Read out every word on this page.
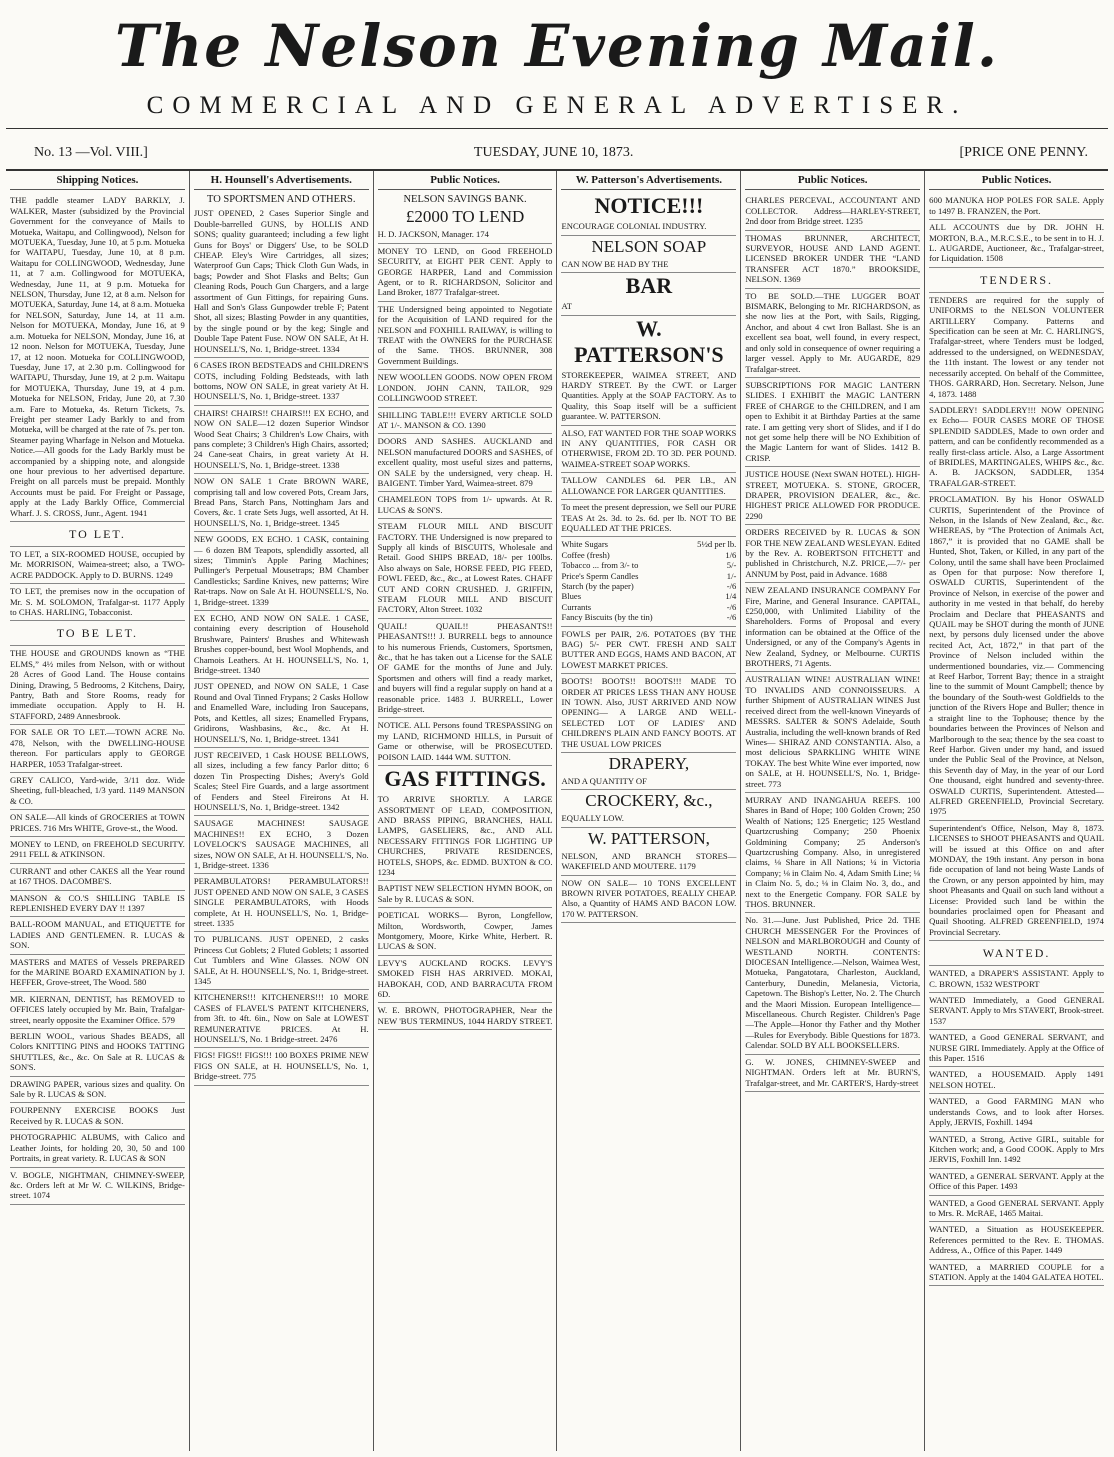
The Nelson Evening Mail.
COMMERCIAL AND GENERAL ADVERTISER.
No. 13 —Vol. VIII.]	TUESDAY, JUNE 10, 1873.	[PRICE ONE PENNY.
Shipping Notices.
THE paddle steamer LADY BARKLY, J. WALKER, Master (subsidized by the Provincial Government for the conveyance of Mails to Motueka, Waitapu, and Collingwood), Nelson for MOTUEKA, Tuesday, June 10, at 5 p.m. Motueka for WAITAPU, Tuesday, June 10, at 8 p.m. Waitapu for COLLINGWOOD, Wednesday, June 11, at 7 a.m. Collingwood for MOTUEKA, Wednesday, June 11, at 9 p.m. Motueka for NELSON, Thursday, June 12, at 8 a.m. Nelson for MOTUEKA, Saturday, June 14, at 8 a.m. Motueka for NELSON, Saturday, June 14, at 11 a.m. Nelson for MOTUEKA, Monday, June 16, at 9 a.m. Motueka for NELSON, Monday, June 16, at 12 noon. Nelson for MOTUEKA, Tuesday, June 17, at 12 noon. Motueka for COLLINGWOOD, Tuesday, June 17, at 2.30 p.m. Collingwood for WAITAPU, Thursday, June 19, at 2 p.m. Waitapu for MOTUEKA, Thursday, June 19, at 4 p.m. Motueka for NELSON, Friday, June 20, at 7.30 a.m. Fare to Motueka, 4s. Return Tickets, 7s. Freight per steamer Lady Barkly to and from Motueka, will be charged at the rate of 7s. per ton. Steamer paying Wharfage in Nelson and Motueka. Notice.—All goods for the Lady Barkly must be accompanied by a shipping note, and alongside one hour previous to her advertised departure. Freight on all parcels must be prepaid. Monthly Accounts must be paid. For Freight or Passage, apply at the Lady Barkly Office, Commercial Wharf. J. S. CROSS, Junr., Agent. 1941
TO LET.
TO LET, a SIX-ROOMED HOUSE, occupied by Mr. MORRISON, Waimea-street; also, a TWO-ACRE PADDOCK. Apply to D. BURNS. 1249
TO LET, the premises now in the occupation of Mr. S. M. SOLOMON, Trafalgar-st. 1177 Apply to CHAS. HARLING, Tobacconist.
TO BE LET.
THE HOUSE and GROUNDS known as “THE ELMS,” 4½ miles from Nelson, with or without 28 Acres of Good Land. The House contains Dining, Drawing, 5 Bedrooms, 2 Kitchens, Dairy, Pantry, Bath and Store Rooms, ready for immediate occupation. Apply to H. H. STAFFORD, 2489 Annesbrook.
FOR SALE OR TO LET.—TOWN ACRE No. 478, Nelson, with the DWELLING-HOUSE thereon. For particulars apply to GEORGE HARPER, 1053 Trafalgar-street.
GREY CALICO, Yard-wide, 3/11 doz. Wide Sheeting, full-bleached, 1/3 yard. 1149 MANSON & CO.
ON SALE—All kinds of GROCERIES at TOWN PRICES. 716 Mrs WHITE, Grove-st., the Wood.
MONEY to LEND, on FREEHOLD SECURITY. 2911 FELL & ATKINSON.
CURRANT and other CAKES all the Year round at 167 THOS. DACOMBE'S.
MANSON & CO.'S SHILLING TABLE IS REPLENISHED EVERY DAY !! 1397
BALL-ROOM MANUAL, and ETIQUETTE for LADIES AND GENTLEMEN. R. LUCAS & SON.
MASTERS and MATES of Vessels PREPARED for the MARINE BOARD EXAMINATION by J. HEFFER, Grove-street, The Wood. 580
MR. KIERNAN, DENTIST, has REMOVED to OFFICES lately occupied by Mr. Bain, Trafalgar-street, nearly opposite the Examiner Office. 579
BERLIN WOOL, various Shades BEADS, all Colors KNITTING PINS and HOOKS TATTING SHUTTLES, &c., &c. On Sale at R. LUCAS & SON'S.
DRAWING PAPER, various sizes and quality. On Sale by R. LUCAS & SON.
FOURPENNY EXERCISE BOOKS Just Received by R. LUCAS & SON.
PHOTOGRAPHIC ALBUMS, with Calico and Leather Joints, for holding 20, 30, 50 and 100 Portraits, in great variety. R. LUCAS & SON
V. BOGLE, NIGHTMAN, CHIMNEY-SWEEP, &c. Orders left at Mr W. C. WILKINS, Bridge-street. 1074
H. Hounsell's Advertisements.
TO SPORTSMEN AND OTHERS.
JUST OPENED, 2 Cases Superior Single and Double-barrelled GUNS, by HOLLIS AND SONS; quality guaranteed; including a few light Guns for Boys' or Diggers' Use, to be SOLD CHEAP. Eley's Wire Cartridges, all sizes; Waterproof Gun Caps; Thick Cloth Gun Wads, in bags; Powder and Shot Flasks and Belts; Gun Cleaning Rods, Pouch Gun Chargers, and a large assortment of Gun Fittings, for repairing Guns. Hall and Son's Glass Gunpowder treble F; Patent Shot, all sizes; Blasting Powder in any quantities, by the single pound or by the keg; Single and Double Tape Patent Fuse. NOW ON SALE, At H. HOUNSELL'S, No. 1, Bridge-street. 1334
6 CASES IRON BEDSTEADS and CHILDREN'S COTS, including Folding Bedsteads, with lath bottoms, NOW ON SALE, in great variety At H. HOUNSELL'S, No. 1, Bridge-street. 1337
CHAIRS! CHAIRS!! CHAIRS!!! EX ECHO, and NOW ON SALE—12 dozen Superior Windsor Wood Seat Chairs; 3 Children's Low Chairs, with pans complete; 3 Children's High Chairs, assorted; 24 Cane-seat Chairs, in great variety At H. HOUNSELL'S, No. 1, Bridge-street. 1338
NOW ON SALE 1 Crate BROWN WARE, comprising tall and low covered Pots, Cream Jars, Bread Pans, Starch Pans, Nottingham Jars and Covers, &c. 1 crate Sets Jugs, well assorted, At H. HOUNSELL'S, No. 1, Bridge-street. 1345
NEW GOODS, EX ECHO. 1 CASK, containing— 6 dozen BM Teapots, splendidly assorted, all sizes; Timmin's Apple Paring Machines; Pullinger's Perpetual Mousetraps; BM Chamber Candlesticks; Sardine Knives, new patterns; Wire Rat-traps. Now on Sale At H. HOUNSELL'S, No. 1, Bridge-street. 1339
EX ECHO, AND NOW ON SALE. 1 CASE, containing every description of Household Brushware, Painters' Brushes and Whitewash Brushes copper-bound, best Wool Mophends, and Chamois Leathers. At H. HOUNSELL'S, No. 1, Bridge-street. 1340
JUST OPENED, and NOW ON SALE, 1 Case Round and Oval Tinned Frypans; 2 Casks Hollow and Enamelled Ware, including Iron Saucepans, Pots, and Kettles, all sizes; Enamelled Frypans, Gridirons, Washbasins, &c., &c. At H. HOUNSELL'S, No. 1, Bridge-street. 1341
JUST RECEIVED, 1 Cask HOUSE BELLOWS, all sizes, including a few fancy Parlor ditto; 6 dozen Tin Prospecting Dishes; Avery's Gold Scales; Steel Fire Guards, and a large assortment of Fenders and Steel Fireirons At H. HOUNSELL'S, No. 1, Bridge-street. 1342
SAUSAGE MACHINES! SAUSAGE MACHINES!! EX ECHO, 3 Dozen LOVELOCK'S SAUSAGE MACHINES, all sizes, NOW ON SALE, At H. HOUNSELL'S, No. 1, Bridge-street. 1336
PERAMBULATORS! PERAMBULATORS!! JUST OPENED AND NOW ON SALE, 3 CASES SINGLE PERAMBULATORS, with Hoods complete, At H. HOUNSELL'S, No. 1, Bridge-street. 1335
TO PUBLICANS. JUST OPENED, 2 casks Princess Cut Goblets; 2 Fluted Goblets; 1 assorted Cut Tumblers and Wine Glasses. NOW ON SALE, At H. HOUNSELL'S, No. 1, Bridge-street. 1345
KITCHENERS!!! KITCHENERS!!! 10 MORE CASES of FLAVEL'S PATENT KITCHENERS, from 3ft. to 4ft. 6in., Now on Sale at LOWEST REMUNERATIVE PRICES. At H. HOUNSELL'S, No. 1 Bridge-street. 2476
FIGS! FIGS!! FIGS!!! 100 BOXES PRIME NEW FIGS ON SALE, at H. HOUNSELL'S, No. 1, Bridge-street. 775
Public Notices.
NELSON SAVINGS BANK.
£2000 TO LEND
H. D. JACKSON, Manager. 174
MONEY TO LEND, on Good FREEHOLD SECURITY, at EIGHT PER CENT. Apply to GEORGE HARPER, Land and Commission Agent, or to R. RICHARDSON, Solicitor and Land Broker, 1877 Trafalgar-street.
THE Undersigned being appointed to Negotiate for the Acquisition of LAND required for the NELSON and FOXHILL RAILWAY, is willing to TREAT with the OWNERS for the PURCHASE of the Same. THOS. BRUNNER, 308 Government Buildings.
NEW WOOLLEN GOODS. NOW OPEN FROM LONDON. JOHN CANN, TAILOR, 929 COLLINGWOOD STREET.
SHILLING TABLE!!! EVERY ARTICLE SOLD AT 1/-. MANSON & CO. 1390
DOORS AND SASHES. AUCKLAND and NELSON manufactured DOORS and SASHES, of excellent quality, most useful sizes and patterns, ON SALE by the undersigned, very cheap. H. BAIGENT. Timber Yard, Waimea-street. 879
CHAMELEON TOPS from 1/- upwards. At R. LUCAS & SON'S.
STEAM FLOUR MILL AND BISCUIT FACTORY. THE Undersigned is now prepared to Supply all kinds of BISCUITS, Wholesale and Retail. Good SHIPS BREAD, 18/- per 100lbs. Also always on Sale, HORSE FEED, PIG FEED, FOWL FEED, &c., &c., at Lowest Rates. CHAFF CUT AND CORN CRUSHED. J. GRIFFIN, STEAM FLOUR MILL AND BISCUIT FACTORY, Alton Street. 1032
QUAIL! QUAIL!! PHEASANTS!! PHEASANTS!!! J. BURRELL begs to announce to his numerous Friends, Customers, Sportsmen, &c., that he has taken out a License for the SALE OF GAME for the months of June and July. Sportsmen and others will find a ready market, and buyers will find a regular supply on hand at a reasonable price. 1483 J. BURRELL, Lower Bridge-street.
NOTICE. ALL Persons found TRESPASSING on my LAND, RICHMOND HILLS, in Pursuit of Game or otherwise, will be PROSECUTED. POISON LAID. 1444 WM. SUTTON.
GAS FITTINGS.
TO ARRIVE SHORTLY. A LARGE ASSORTMENT OF LEAD, COMPOSITION, AND BRASS PIPING, BRANCHES, HALL LAMPS, GASELIERS, &c., AND ALL NECESSARY FITTINGS FOR LIGHTING UP CHURCHES, PRIVATE RESIDENCES, HOTELS, SHOPS, &c. EDMD. BUXTON & CO. 1234
BAPTIST NEW SELECTION HYMN BOOK, on Sale by R. LUCAS & SON.
POETICAL WORKS— Byron, Longfellow, Milton, Wordsworth, Cowper, James Montgomery, Moore, Kirke White, Herbert. R. LUCAS & SON.
LEVY'S AUCKLAND ROCKS. LEVY'S SMOKED FISH HAS ARRIVED. MOKAI, HABOKAH, COD, AND BARRACUTA FROM 6D.
W. E. BROWN, PHOTOGRAPHER, Near the NEW 'BUS TERMINUS, 1044 HARDY STREET.
W. Patterson's Advertisements.
NOTICE!!!
ENCOURAGE COLONIAL INDUSTRY.
NELSON SOAP
CAN NOW BE HAD BY THE
BAR
AT
W. PATTERSON'S
STOREKEEPER, WAIMEA STREET, AND HARDY STREET. By the CWT. or Larger Quantities. Apply at the SOAP FACTORY. As to Quality, this Soap itself will be a sufficient guarantee. W. PATTERSON.
ALSO, FAT WANTED FOR THE SOAP WORKS IN ANY QUANTITIES, FOR CASH OR OTHERWISE, FROM 2D. TO 3D. PER POUND. WAIMEA-STREET SOAP WORKS.
TALLOW CANDLES 6d. PER LB., AN ALLOWANCE FOR LARGER QUANTITIES.
To meet the present depression, we Sell our PURE TEAS At 2s. 3d. to 2s. 6d. per lb. NOT TO BE EQUALLED AT THE PRICES.
White Sugars	5½d per lb.
Coffee (fresh)	1/6
Tobacco ... from 3/- to	5/-
Price's Sperm Candles	1/-
Starch (by the paper)	-/6
Blues	1/4
Currants	-/6
Fancy Biscuits (by the tin)	-/6
FOWLS per PAIR, 2/6. POTATOES (BY THE BAG) 5/- PER CWT. FRESH AND SALT BUTTER AND EGGS, HAMS AND BACON, AT LOWEST MARKET PRICES.
BOOTS! BOOTS!! BOOTS!!! MADE TO ORDER AT PRICES LESS THAN ANY HOUSE IN TOWN. Also, JUST ARRIVED AND NOW OPENING— A LARGE AND WELL-SELECTED LOT OF LADIES' AND CHILDREN'S PLAIN AND FANCY BOOTS. AT THE USUAL LOW PRICES
DRAPERY,
AND A QUANTITY OF
CROCKERY, &c.,
EQUALLY LOW.
W. PATTERSON,
NELSON, AND BRANCH STORES— WAKEFIELD AND MOUTERE. 1179
NOW ON SALE— 10 TONS EXCELLENT BROWN RIVER POTATOES, REALLY CHEAP. Also, a Quantity of HAMS AND BACON LOW. 170 W. PATTERSON.
Public Notices.
CHARLES PERCEVAL, ACCOUNTANT AND COLLECTOR. Address—HARLEY-STREET, 2nd door from Bridge street. 1235
THOMAS BRUNNER, ARCHITECT, SURVEYOR, HOUSE AND LAND AGENT. LICENSED BROKER UNDER THE “LAND TRANSFER ACT 1870.” BROOKSIDE, NELSON. 1369
TO BE SOLD.—THE LUGGER BOAT BISMARK, Belonging to Mr. RICHARDSON, as she now lies at the Port, with Sails, Rigging, Anchor, and about 4 cwt Iron Ballast. She is an excellent sea boat, well found, in every respect, and only sold in consequence of owner requiring a larger vessel. Apply to Mr. AUGARDE, 829 Trafalgar-street.
SUBSCRIPTIONS FOR MAGIC LANTERN SLIDES. I EXHIBIT the MAGIC LANTERN FREE of CHARGE to the CHILDREN, and I am open to Exhibit it at Birthday Parties at the same rate. I am getting very short of Slides, and if I do not get some help there will be NO Exhibition of the Magic Lantern for want of Slides. 1412 B. CRISP.
JUSTICE HOUSE (Next SWAN HOTEL). HIGH-STREET, MOTUEKA. S. STONE, GROCER, DRAPER, PROVISION DEALER, &c., &c. HIGHEST PRICE ALLOWED FOR PRODUCE. 2290
ORDERS RECEIVED by R. LUCAS & SON FOR THE NEW ZEALAND WESLEYAN. Edited by the Rev. A. ROBERTSON FITCHETT and published in Christchurch, N.Z. PRICE,—7/- per ANNUM by Post, paid in Advance. 1688
NEW ZEALAND INSURANCE COMPANY For Fire, Marine, and General Insurance. CAPITAL, £250,000, with Unlimited Liability of the Shareholders. Forms of Proposal and every information can be obtained at the Office of the Undersigned, or any of the Company's Agents in New Zealand, Sydney, or Melbourne. CURTIS BROTHERS, 71 Agents.
AUSTRALIAN WINE! AUSTRALIAN WINE! TO INVALIDS AND CONNOISSEURS. A further Shipment of AUSTRALIAN WINES Just received direct from the well-known Vineyards of MESSRS. SALTER & SON'S Adelaide, South Australia, including the well-known brands of Red Wines— SHIRAZ AND CONSTANTIA. Also, a most delicious SPARKLING WHITE WINE TOKAY. The best White Wine ever imported, now on SALE, at H. HOUNSELL'S, No. 1, Bridge-street. 773
MURRAY AND INANGAHUA REEFS. 100 Shares in Band of Hope; 100 Golden Crown; 250 Wealth of Nations; 125 Energetic; 125 Westland Quartzcrushing Company; 250 Phoenix Goldmining Company; 25 Anderson's Quartzcrushing Company. Also, in unregistered claims, ⅛ Share in All Nations; ¼ in Victoria Company; ⅛ in Claim No. 4, Adam Smith Line; ⅛ in Claim No. 5, do.; ⅛ in Claim No. 3, do., and next to the Energetic Company. FOR SALE by THOS. BRUNNER.
No. 31.—June. Just Published, Price 2d. THE CHURCH MESSENGER For the Provinces of NELSON and MARLBOROUGH and County of WESTLAND NORTH. CONTENTS: DIOCESAN Intelligence.—Nelson, Waimea West, Motueka, Pangatotara, Charleston, Auckland, Canterbury, Dunedin, Melanesia, Victoria, Capetown. The Bishop's Letter, No. 2. The Church and the Maori Mission. European Intelligence—Miscellaneous. Church Register. Children's Page—The Apple—Honor thy Father and thy Mother—Rules for Everybody. Bible Questions for 1873. Calendar. SOLD BY ALL BOOKSELLERS.
G. W. JONES, CHIMNEY-SWEEP and NIGHTMAN. Orders left at Mr. BURN'S, Trafalgar-street, and Mr. CARTER'S, Hardy-street
Public Notices.
600 MANUKA HOP POLES FOR SALE. Apply to 1497 B. FRANZEN, the Port.
ALL ACCOUNTS due by DR. JOHN H. MORTON, B.A., M.R.C.S.E., to be sent in to H. J. L. AUGARDE, Auctioneer, &c., Trafalgar-street, for Liquidation. 1508
TENDERS.
TENDERS are required for the supply of UNIFORMS to the NELSON VOLUNTEER ARTILLERY Company. Patterns and Specification can be seen at Mr. C. HARLING'S, Trafalgar-street, where Tenders must be lodged, addressed to the undersigned, on WEDNESDAY, the 11th instant. The lowest or any tender not necessarily accepted. On behalf of the Committee, THOS. GARRARD, Hon. Secretary. Nelson, June 4, 1873. 1488
SADDLERY! SADDLERY!!! NOW OPENING ex Echo— FOUR CASES MORE OF THOSE SPLENDID SADDLES, Made to own order and pattern, and can be confidently recommended as a really first-class article. Also, a Large Assortment of BRIDLES, MARTINGALES, WHIPS &c., &c. A. B. JACKSON, SADDLER, 1354 TRAFALGAR-STREET.
PROCLAMATION. By his Honor OSWALD CURTIS, Superintendent of the Province of Nelson, in the Islands of New Zealand, &c., &c. WHEREAS, by “The Protection of Animals Act, 1867,” it is provided that no GAME shall be Hunted, Shot, Taken, or Killed, in any part of the Colony, until the same shall have been Proclaimed as Open for that purpose: Now therefore I, OSWALD CURTIS, Superintendent of the Province of Nelson, in exercise of the power and authority in me vested in that behalf, do hereby Proclaim and Declare that PHEASANTS and QUAIL may be SHOT during the month of JUNE next, by persons duly licensed under the above recited Act, Act, 1872,” in that part of the Province of Nelson included within the undermentioned boundaries, viz.— Commencing at Reef Harbor, Torrent Bay; thence in a straight line to the summit of Mount Campbell; thence by the boundary of the South-west Goldfields to the junction of the Rivers Hope and Buller; thence in a straight line to the Tophouse; thence by the boundaries between the Provinces of Nelson and Marlborough to the sea; thence by the sea coast to Reef Harbor. Given under my hand, and issued under the Public Seal of the Province, at Nelson, this Seventh day of May, in the year of our Lord One thousand, eight hundred and seventy-three. OSWALD CURTIS, Superintendent. Attested— ALFRED GREENFIELD, Provincial Secretary. 1975
Superintendent's Office, Nelson, May 8, 1873. LICENSES to SHOOT PHEASANTS and QUAIL will be issued at this Office on and after MONDAY, the 19th instant. Any person in bona fide occupation of land not being Waste Lands of the Crown, or any person appointed by him, may shoot Pheasants and Quail on such land without a License: Provided such land be within the boundaries proclaimed open for Pheasant and Quail Shooting. ALFRED GREENFIELD, 1974 Provincial Secretary.
WANTED.
WANTED, a DRAPER'S ASSISTANT. Apply to C. BROWN, 1532 WESTPORT
WANTED Immediately, a Good GENERAL SERVANT. Apply to Mrs STAVERT, Brook-street. 1537
WANTED, a Good GENERAL SERVANT, and NURSE GIRL Immediately. Apply at the Office of this Paper. 1516
WANTED, a HOUSEMAID. Apply 1491 NELSON HOTEL.
WANTED, a Good FARMING MAN who understands Cows, and to look after Horses. Apply, JERVIS, Foxhill. 1494
WANTED, a Strong, Active GIRL, suitable for Kitchen work; and, a Good COOK. Apply to Mrs JERVIS, Foxhill Inn. 1492
WANTED, a GENERAL SERVANT. Apply at the Office of this Paper. 1493
WANTED, a Good GENERAL SERVANT. Apply to Mrs. R. McRAE, 1465 Maitai.
WANTED, a Situation as HOUSEKEEPER. References permitted to the Rev. E. THOMAS. Address, A., Office of this Paper. 1449
WANTED, a MARRIED COUPLE for a STATION. Apply at the 1404 GALATEA HOTEL.
